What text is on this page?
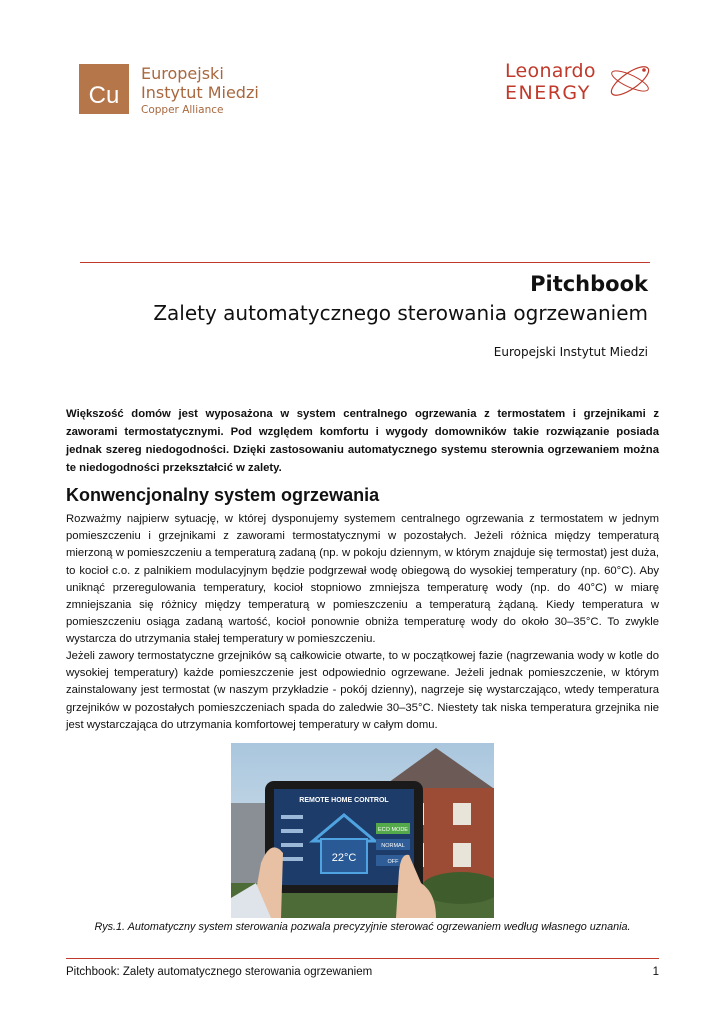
Cu
Europejski
Instytut Miedzi
Copper Alliance
Leonardo
ENERGY
Pitchbook
Zalety automatycznego sterowania ogrzewaniem
Europejski Instytut Miedzi
Większość domów jest wyposażona w system centralnego ogrzewania z termostatem i grzejnikami z zaworami termostatycznymi. Pod względem komfortu i wygody domowników takie rozwiązanie posiada jednak szereg niedogodności. Dzięki zastosowaniu automatycznego systemu sterownia ogrzewaniem można te niedogodności przekształcić w zalety.
Konwencjonalny system ogrzewania
Rozważmy najpierw sytuację, w której dysponujemy systemem centralnego ogrzewania z termostatem w jednym pomieszczeniu i grzejnikami z zaworami termostatycznymi w pozostałych. Jeżeli różnica między temperaturą mierzoną w pomieszczeniu a temperaturą zadaną (np. w pokoju dziennym, w którym znajduje się termostat) jest duża, to kocioł c.o. z palnikiem modulacyjnym będzie podgrzewał wodę obiegową do wysokiej temperatury (np. 60°C). Aby uniknąć przeregulowania temperatury, kocioł stopniowo zmniejsza temperaturę wody (np. do 40°C) w miarę zmniejszania się różnicy między temperaturą w pomieszczeniu a temperaturą żądaną. Kiedy temperatura w pomieszczeniu osiąga zadaną wartość, kocioł ponownie obniża temperaturę wody do około 30–35°C. To zwykle wystarcza do utrzymania stałej temperatury w pomieszczeniu.
Jeżeli zawory termostatyczne grzejników są całkowicie otwarte, to w początkowej fazie (nagrzewania wody w kotle do wysokiej temperatury) każde pomieszczenie jest odpowiednio ogrzewane. Jeżeli jednak pomieszczenie, w którym zainstalowany jest termostat (w naszym przykładzie - pokój dzienny), nagrzeje się wystarczająco, wtedy temperatura grzejników w pozostałych pomieszczeniach spada do zaledwie 30–35°C. Niestety tak niska temperatura grzejnika nie jest wystarczająca do utrzymania komfortowej temperatury w całym domu.
REMOTE HOME CONTROL
22°C
ECO MODE
NORMAL
OFF
Rys.1. Automatyczny system sterowania pozwala precyzyjnie sterować ogrzewaniem według własnego uznania.
Pitchbook: Zalety automatycznego sterowania ogrzewaniem	1
